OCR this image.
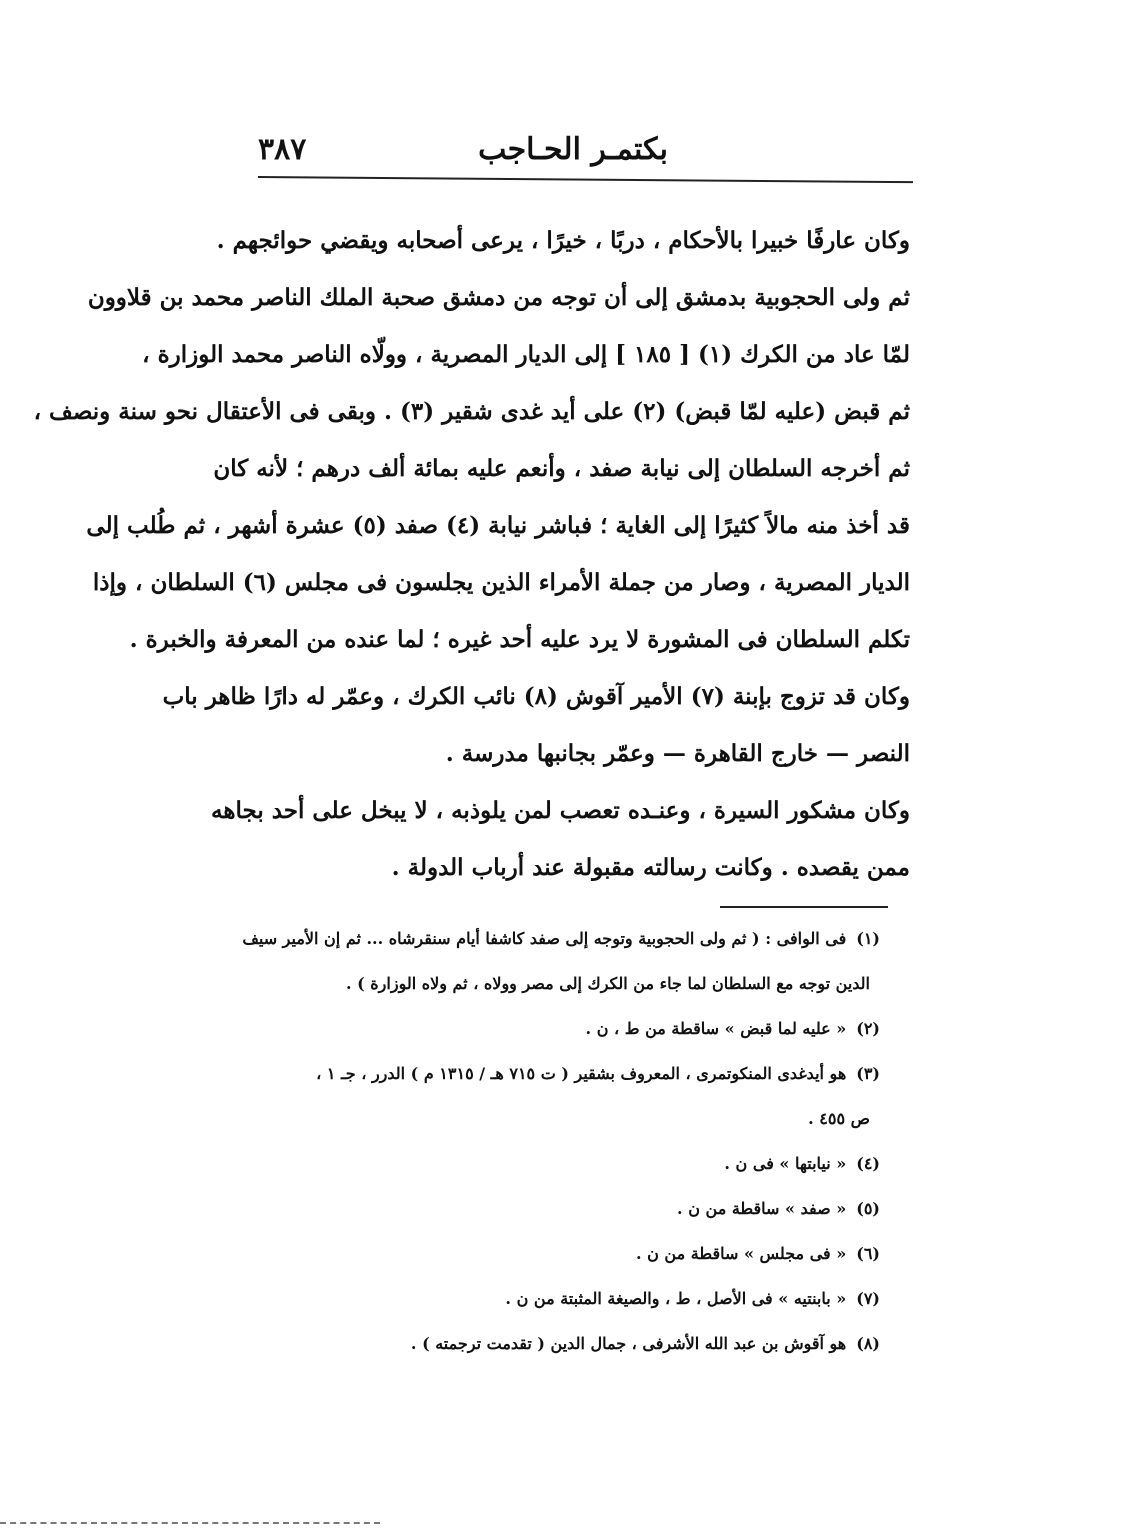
٣٨٧	بكتمـر الحـاجب
وكان عارفًا خبيرا بالأحكام ، دربًا ، خيرًا ، يرعى أصحابه ويقضي حوائجهم .
ثم ولى الحجوبية بدمشق إلى أن توجه من دمشق صحبة الملك الناصر محمد بن قلاوون
لمّا عاد من الكرك (١) [ ١٨٥ ] إلى الديار المصرية ، وولّاه الناصر محمد الوزارة ،
ثم قبض (عليه لمّا قبض) (٢) على أيد غدى شقير (٣) . وبقى فى الأعتقال نحو سنة ونصف ،
ثم أخرجه السلطان إلى نيابة صفد ، وأنعم عليه بمائة ألف درهم ؛ لأنه كان
قد أخذ منه مالاً كثيرًا إلى الغاية ؛ فباشر نيابة (٤) صفد (٥) عشرة أشهر ، ثم طُلب إلى
الديار المصرية ، وصار من جملة الأمراء الذين يجلسون فى مجلس (٦) السلطان ، وإذا
تكلم السلطان فى المشورة لا يرد عليه أحد غيره ؛ لما عنده من المعرفة والخبرة .
وكان قد تزوج بإبنة (٧) الأمير آقوش (٨) نائب الكرك ، وعمّر له دارًا ظاهر باب
النصر — خارج القاهرة — وعمّر بجانبها مدرسة .
وكان مشكور السيرة ، وعنـده تعصب لمن يلوذبه ، لا يبخل على أحد بجاهه
ممن يقصده . وكانت رسالته مقبولة عند أرباب الدولة .
(١)فى الوافى : ( ثم ولى الحجوبية وتوجه إلى صفد كاشفا أيام سنقرشاه ... ثم إن الأمير سيف
الدين توجه مع السلطان لما جاء من الكرك إلى مصر وولاه ، ثم ولاه الوزارة ) .
(٢)« عليه لما قبض » ساقطة من ط ، ن .
(٣)هو أيدغدى المنكوتمرى ، المعروف بشقير ( ت ٧١٥ هـ / ١٣١٥ م ) الدرر ، جـ ١ ،
ص ٤٥٥ .
(٤)« نيابتها » فى ن .
(٥)« صفد » ساقطة من ن .
(٦)« فى مجلس » ساقطة من ن .
(٧)« بابنتيه » فى الأصل ، ط ، والصيغة المثبتة من ن .
(٨)هو آقوش بن عبد الله الأشرفى ، جمال الدين ( تقدمت ترجمته ) .
